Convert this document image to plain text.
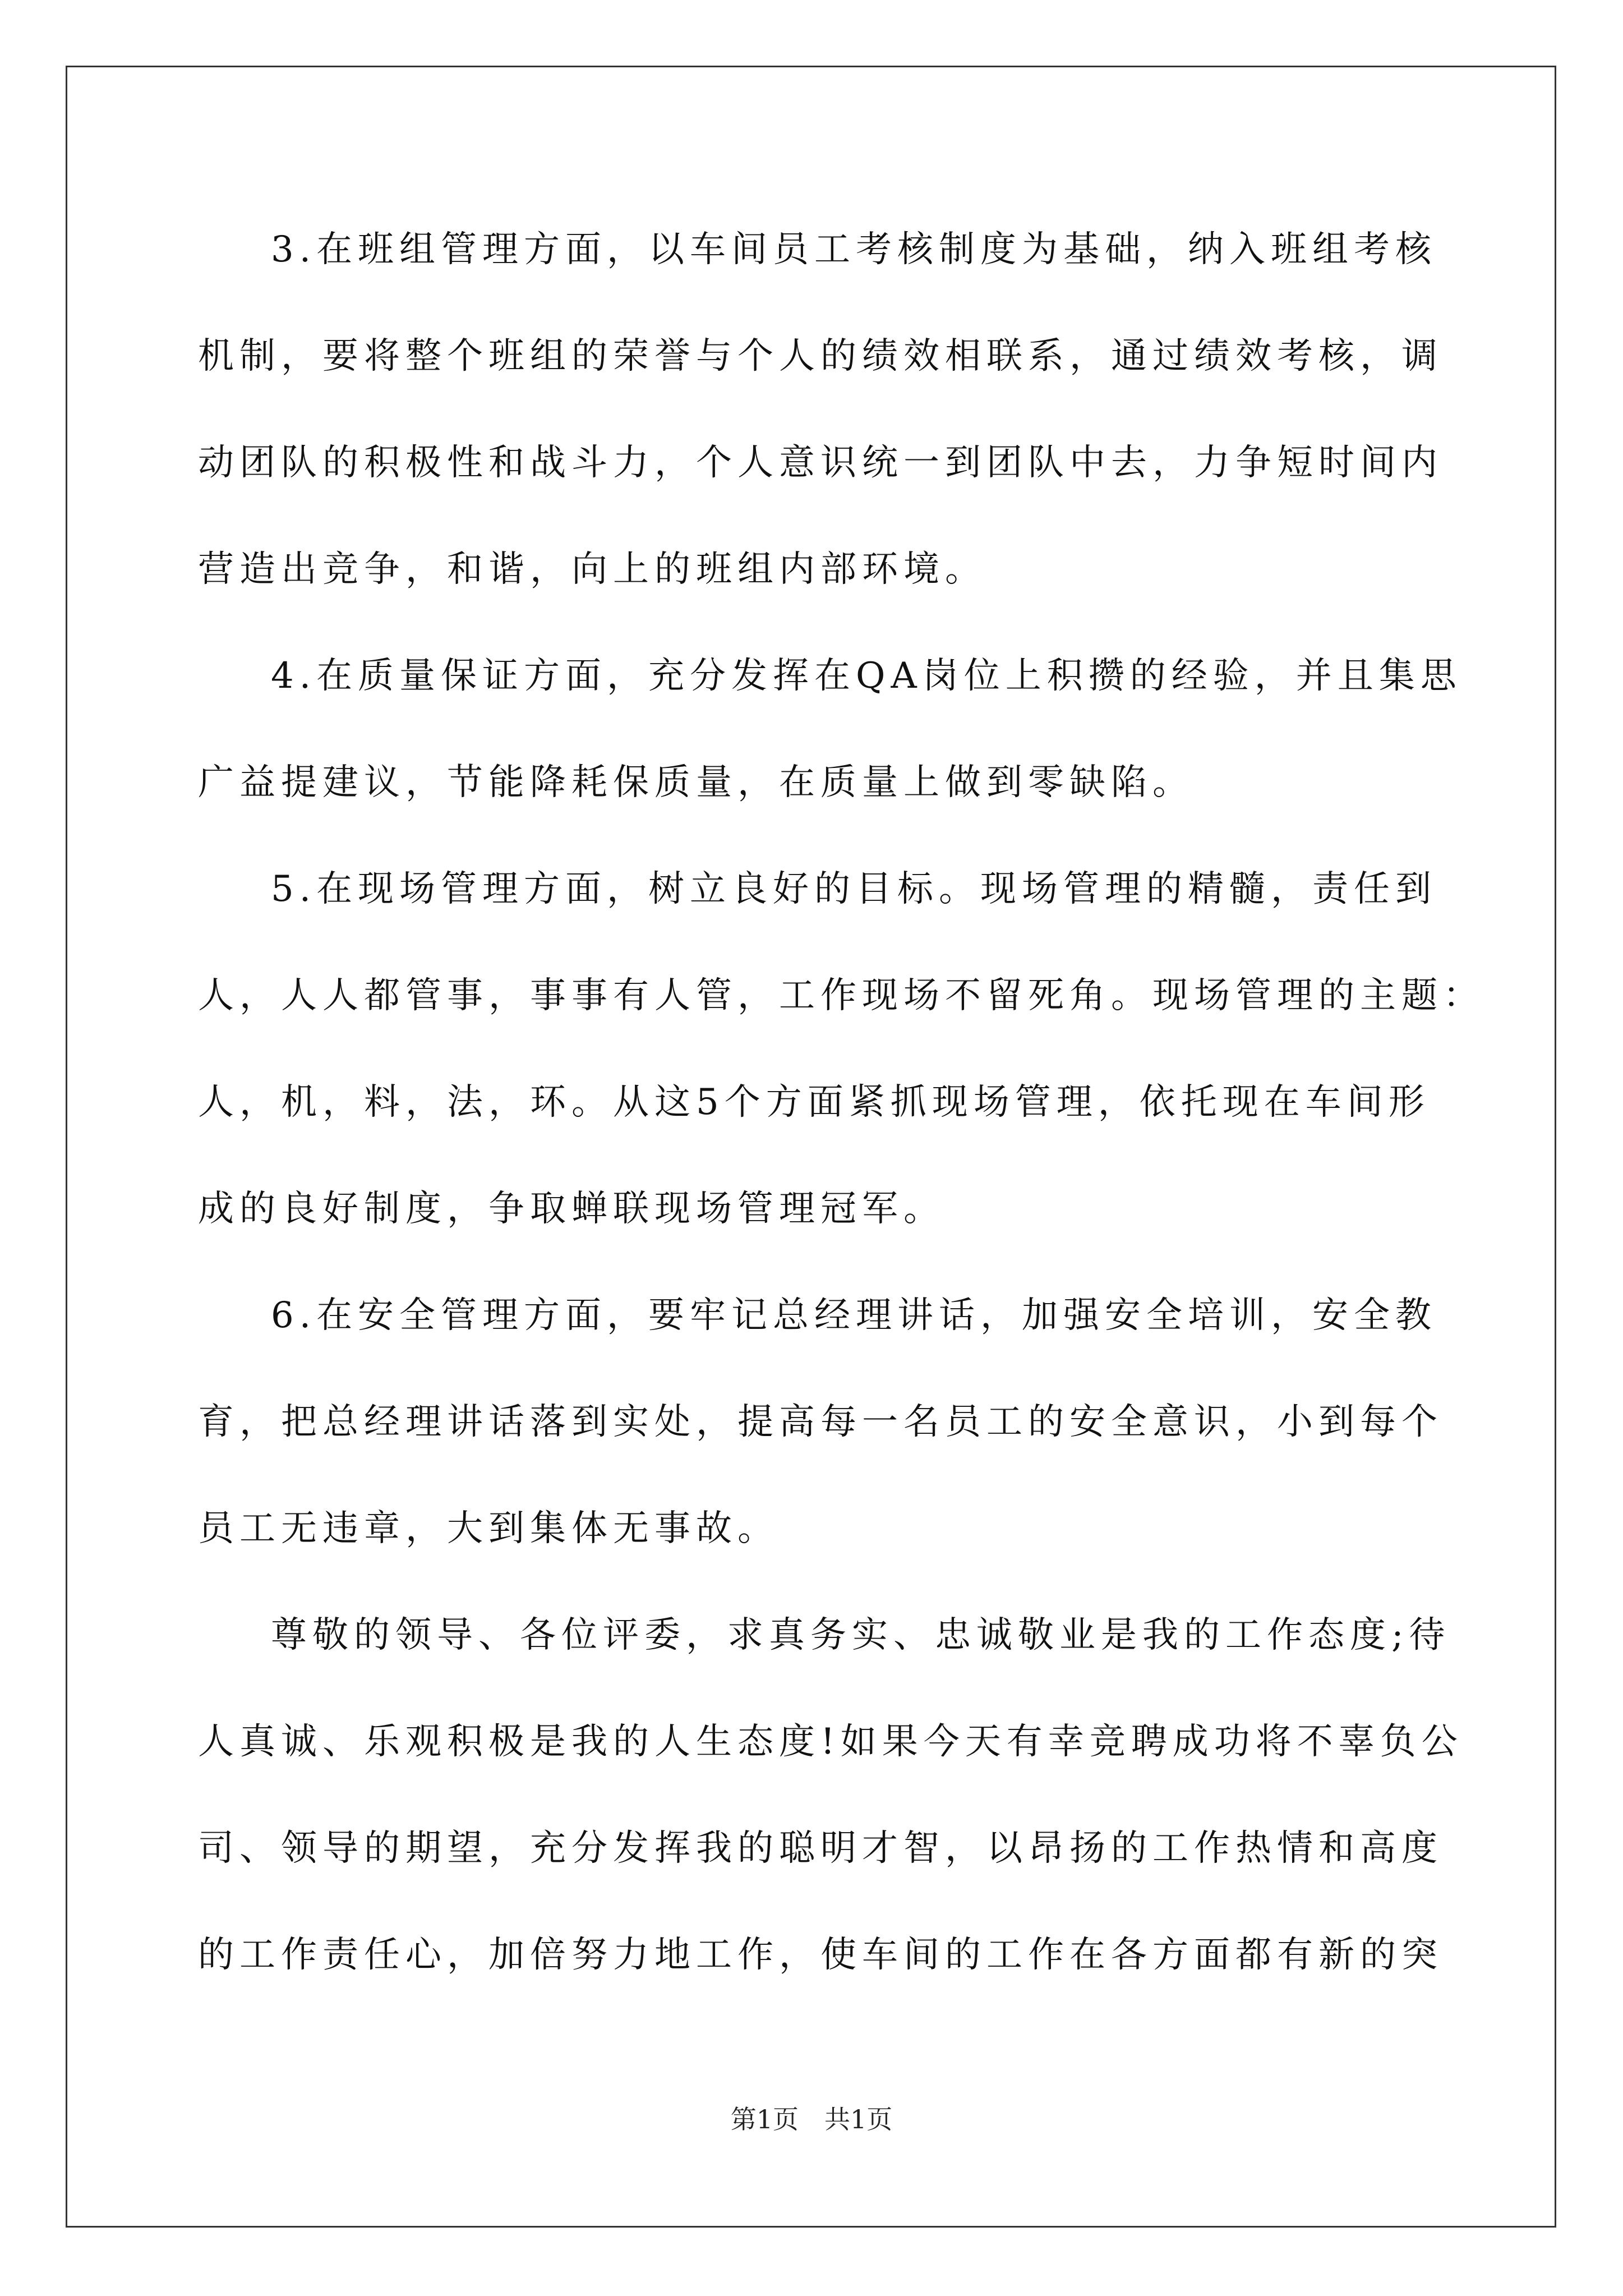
3.在班组管理方面，以车间员工考核制度为基础，纳入班组考核
机制，要将整个班组的荣誉与个人的绩效相联系，通过绩效考核，调
动团队的积极性和战斗力，个人意识统一到团队中去，力争短时间内
营造出竞争，和谐，向上的班组内部环境。
4.在质量保证方面，充分发挥在QA岗位上积攒的经验，并且集思
广益提建议，节能降耗保质量，在质量上做到零缺陷。
5.在现场管理方面，树立良好的目标。现场管理的精髓，责任到
人，人人都管事，事事有人管，工作现场不留死角。现场管理的主题：
人，机，料，法，环。从这5个方面紧抓现场管理，依托现在车间形
成的良好制度，争取蝉联现场管理冠军。
6.在安全管理方面，要牢记总经理讲话，加强安全培训，安全教
育，把总经理讲话落到实处，提高每一名员工的安全意识，小到每个
员工无违章，大到集体无事故。
尊敬的领导、各位评委，求真务实、忠诚敬业是我的工作态度;待
人真诚、乐观积极是我的人生态度!如果今天有幸竞聘成功将不辜负公
司、领导的期望，充分发挥我的聪明才智，以昂扬的工作热情和高度
的工作责任心，加倍努力地工作，使车间的工作在各方面都有新的突
第1页 共1页
